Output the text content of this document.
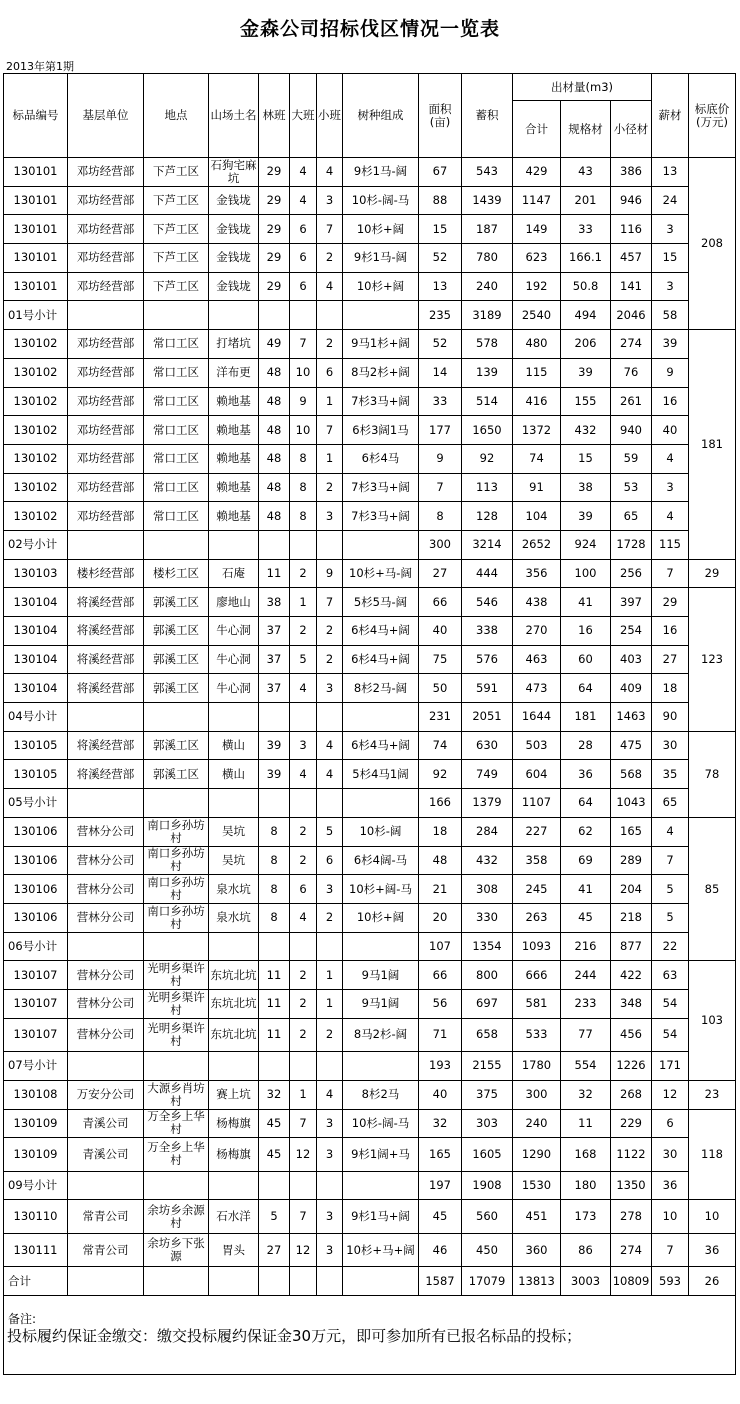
金森公司招标伐区情况一览表
2013年第1期
标品编号	基层单位	地点	山场土名	林班	大班	小班	树种组成	面积(亩)	蓄积	出材量(m3)			薪材	标底价(万元)
										合计	规格材	小径材		
130101	邓坊经营部	下芦工区	石狗宅麻坑	29	4	4	9杉1马-阔	67	543	429	43	386	13	208
130101	邓坊经营部	下芦工区	金钱垅	29	4	3	10杉-阔-马	88	1439	1147	201	946	24	
130101	邓坊经营部	下芦工区	金钱垅	29	6	7	10杉+阔	15	187	149	33	116	3	
130101	邓坊经营部	下芦工区	金钱垅	29	6	2	9杉1马-阔	52	780	623	166.1	457	15	
130101	邓坊经营部	下芦工区	金钱垅	29	6	4	10杉+阔	13	240	192	50.8	141	3	
01号小计								235	3189	2540	494	2046	58	
130102	邓坊经营部	常口工区	打堵坑	49	7	2	9马1杉+阔	52	578	480	206	274	39	181
130102	邓坊经营部	常口工区	洋布更	48	10	6	8马2杉+阔	14	139	115	39	76	9	
130102	邓坊经营部	常口工区	赖地基	48	9	1	7杉3马+阔	33	514	416	155	261	16	
130102	邓坊经营部	常口工区	赖地基	48	10	7	6杉3阔1马	177	1650	1372	432	940	40	
130102	邓坊经营部	常口工区	赖地基	48	8	1	6杉4马	9	92	74	15	59	4	
130102	邓坊经营部	常口工区	赖地基	48	8	2	7杉3马+阔	7	113	91	38	53	3	
130102	邓坊经营部	常口工区	赖地基	48	8	3	7杉3马+阔	8	128	104	39	65	4	
02号小计								300	3214	2652	924	1728	115	
130103	楼杉经营部	楼杉工区	石庵	11	2	9	10杉+马-阔	27	444	356	100	256	7	29
130104	将溪经营部	郭溪工区	廖地山	38	1	7	5杉5马-阔	66	546	438	41	397	29	123
130104	将溪经营部	郭溪工区	牛心洞	37	2	2	6杉4马+阔	40	338	270	16	254	16	
130104	将溪经营部	郭溪工区	牛心洞	37	5	2	6杉4马+阔	75	576	463	60	403	27	
130104	将溪经营部	郭溪工区	牛心洞	37	4	3	8杉2马-阔	50	591	473	64	409	18	
04号小计								231	2051	1644	181	1463	90	
130105	将溪经营部	郭溪工区	横山	39	3	4	6杉4马+阔	74	630	503	28	475	30	78
130105	将溪经营部	郭溪工区	横山	39	4	4	5杉4马1阔	92	749	604	36	568	35	
05号小计								166	1379	1107	64	1043	65	
130106	营林分公司	南口乡孙坊村	吴坑	8	2	5	10杉-阔	18	284	227	62	165	4	85
130106	营林分公司	南口乡孙坊村	吴坑	8	2	6	6杉4阔-马	48	432	358	69	289	7	
130106	营林分公司	南口乡孙坊村	泉水坑	8	6	3	10杉+阔-马	21	308	245	41	204	5	
130106	营林分公司	南口乡孙坊村	泉水坑	8	4	2	10杉+阔	20	330	263	45	218	5	
06号小计								107	1354	1093	216	877	22	
130107	营林分公司	光明乡渠许村	东坑北坑	11	2	1	9马1阔	66	800	666	244	422	63	103
130107	营林分公司	光明乡渠许村	东坑北坑	11	2	1	9马1阔	56	697	581	233	348	54	
130107	营林分公司	光明乡渠许村	东坑北坑	11	2	2	8马2杉-阔	71	658	533	77	456	54	
07号小计								193	2155	1780	554	1226	171	
130108	万安分公司	大源乡肖坊村	赛上坑	32	1	4	8杉2马	40	375	300	32	268	12	23
130109	青溪公司	万全乡上华村	杨梅旗	45	7	3	10杉-阔-马	32	303	240	11	229	6	118
130109	青溪公司	万全乡上华村	杨梅旗	45	12	3	9杉1阔+马	165	1605	1290	168	1122	30	
09号小计								197	1908	1530	180	1350	36	
130110	常青公司	余坊乡余源村	石水洋	5	7	3	9杉1马+阔	45	560	451	173	278	10	10
130111	常青公司	余坊乡下张源	胃头	27	12	3	10杉+马+阔	46	450	360	86	274	7	36
合计								1587	17079	13813	3003	10809	593	26
备注:														
投标履约保证金缴交：缴交投标履约保证金30万元，即可参加所有已报名标品的投标；														
